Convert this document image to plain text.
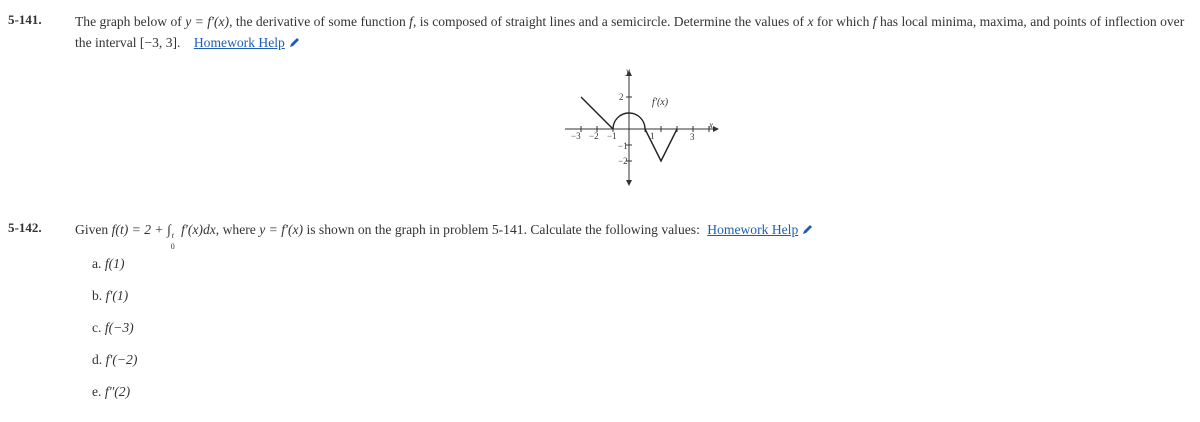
5-141. The graph below of y = f′(x), the derivative of some function f, is composed of straight lines and a semicircle. Determine the values of x for which f has local minima, maxima, and points of inflection over the interval [−3, 3]. Homework Help
y
x
f′(x)
−3 −2 −1	1	3
2
−1
−2
5-142. Given f(t) = 2 + ∫ t
0
f′(x)dx, where y = f′(x) is shown on the graph in problem 5-141. Calculate the following values: Homework Help
a. f(1)
b. f′(1)
c. f(−3)
d. f′(−2)
e. f″(2)
